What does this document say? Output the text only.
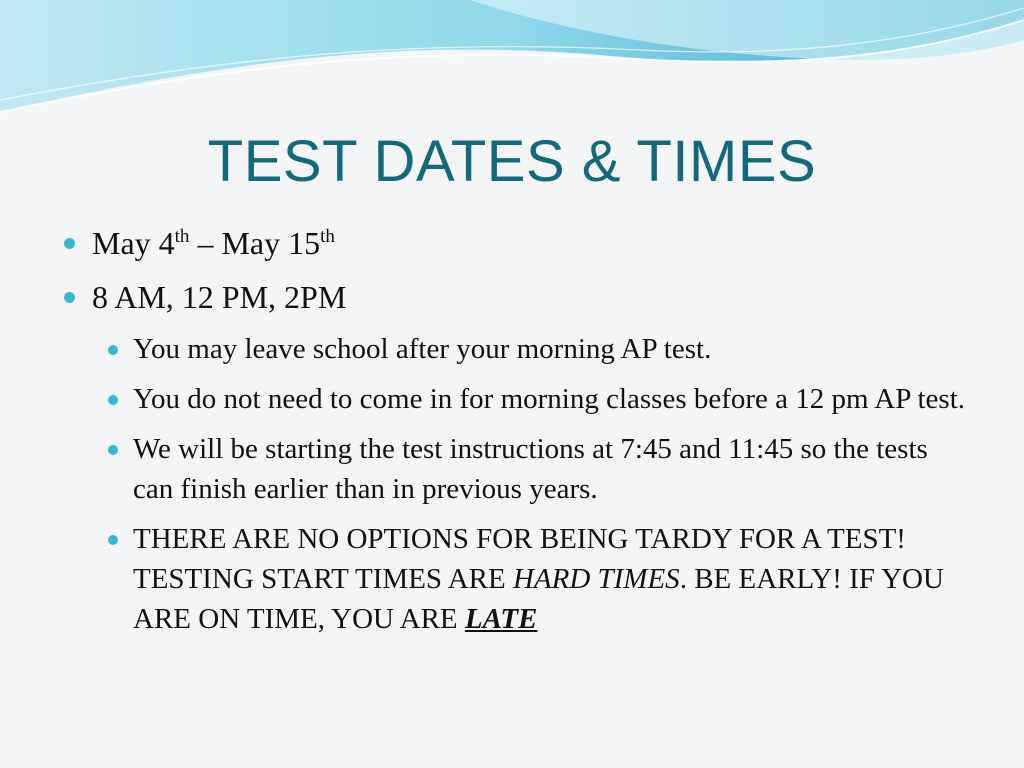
TEST DATES & TIMES
May 4th – May 15th
8 AM, 12 PM, 2PM
You may leave school after your morning AP test.
You do not need to come in for morning classes before a 12 pm AP test.
We will be starting the test instructions at 7:45 and 11:45 so the tests can finish earlier than in previous years.
THERE ARE NO OPTIONS FOR BEING TARDY FOR A TEST! TESTING START TIMES ARE HARD TIMES. BE EARLY! IF YOU ARE ON TIME, YOU ARE LATE
